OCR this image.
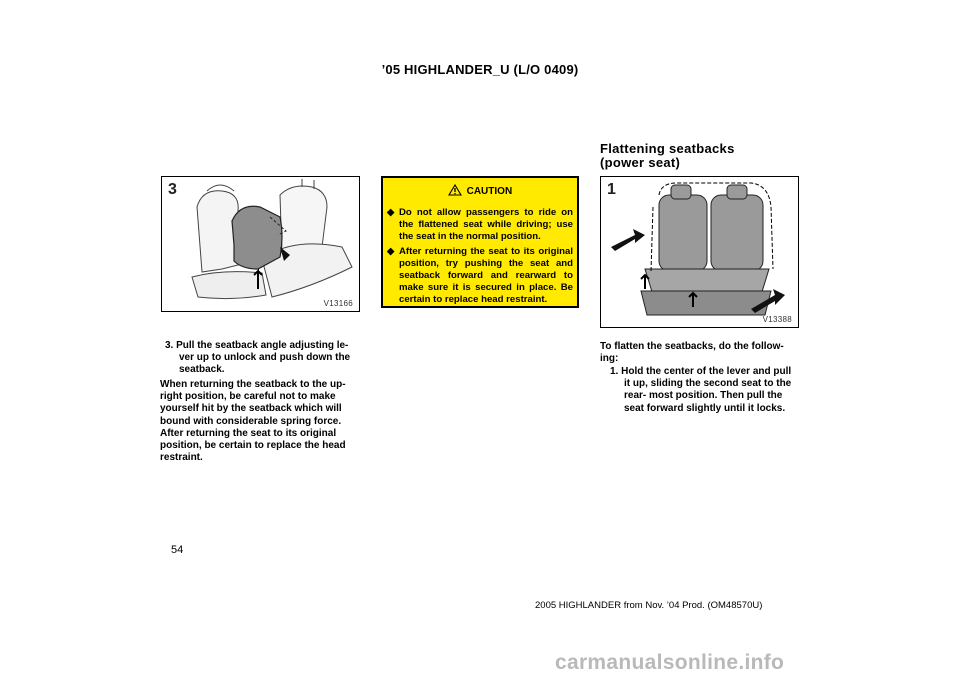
’05 HIGHLANDER_U (L/O 0409)
3
V13166
3. Pull the seatback angle adjusting le-
ver up to unlock and push down the
seatback.
When returning the seatback to the up-
right position, be careful not to make
yourself hit by the seatback which will
bound with considerable spring force.
After returning the seat to its original
position, be certain to replace the head
restraint.
CAUTION
◆ Do not allow passengers to ride on the flattened seat while driving; use the seat in the normal position.
◆ After returning the seat to its original position, try pushing the seat and seatback forward and rearward to make sure it is secured in place. Be certain to replace head restraint.
Flattening seatbacks
(power seat)
1
V13388
To flatten the seatbacks, do the follow-
ing:
1. Hold the center of the lever and pull
it up, sliding the second seat to the
rear- most position. Then pull the
seat forward slightly until it locks.
54
2005 HIGHLANDER from Nov. ’04 Prod. (OM48570U)
carmanualsonline.info
